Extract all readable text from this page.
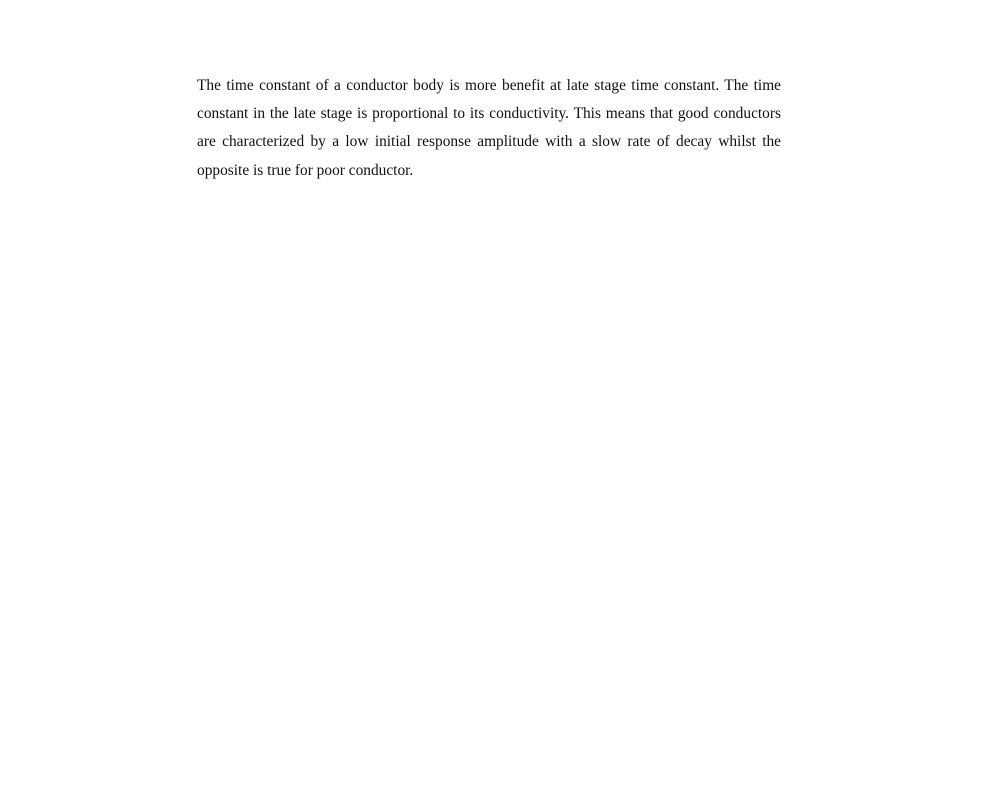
The time constant of a conductor body is more benefit at late stage time constant. The time constant in the late stage is proportional to its conductivity. This means that good conductors are characterized by a low initial response amplitude with a slow rate of decay whilst the opposite is true for poor conductor.
